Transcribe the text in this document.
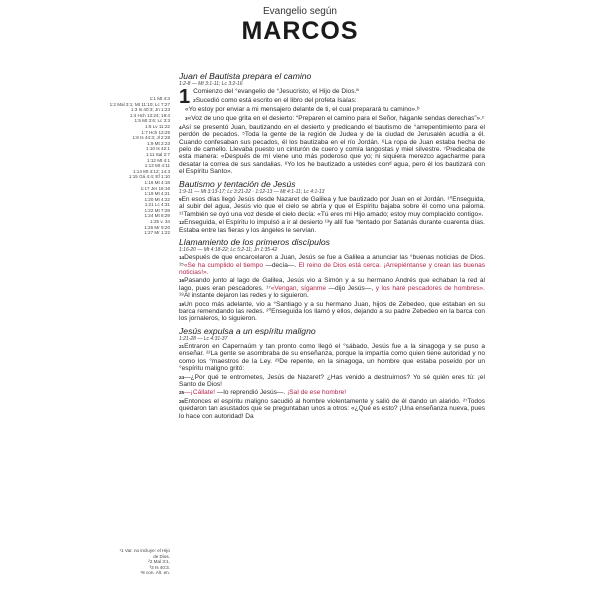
Evangelio según
MARCOS
1:1 Mt 4:3
1:2 Mal 3:1; Mt 11:10; Lc 7:27
1:3 Is 40:3; Jn 1:23
1:4 Hch 13:24; 19:4
1:5 Mt 3:6; Lc 3:3
1:6 Lv 11:22
1:7 Hch 13:25
1:8 Is 44:3; Jl 2:28
1:9 Mt 2:23
1:10 Is 42:1
1:11 Sal 2:7
1:12 Mt 4:1
1:13 Mt 4:11
1:14 Mt 4:12; 14:3
1:15 Gá 4:4; Ef 1:10
1:16 Mt 4:18
1:17 Jer 16:16
1:19 Mt 4:21
1:20 Mt 4:22
1:21 Lc 4:31
1:22 Mt 7:28
1:24 Mt 8:29
1:25 v. 34
1:26 Mr 9:20
1:27 Mr 1:22
Juan el Bautista prepara el camino
1:2-8 — Mt 3:1-11; Lc 3:2-16
1 Comienzo del °evangelio de °Jesucristo, el Hijo de Dios.ª
$^2$Sucedió como está escrito en el libro del profeta Isaías:
«Yo estoy por enviar a mi mensajero delante de ti, el cual preparará tu camino».ᵇ
$^3$«Voz de uno que grita en el desierto: “Preparen el camino para el Señor, háganle sendas derechas”».ᶜ
$^4$Así se presentó Juan, bautizando en el desierto y predicando el bautismo de °arrepentimiento para el perdón de pecados. ⁵Toda la gente de la región de Judea y de la ciudad de Jerusalén acudía a él. Cuando confesaban sus pecados, él los bautizaba en el río Jordán. ⁶La ropa de Juan estaba hecha de pelo de camello. Llevaba puesto un cinturón de cuero y comía langostas y miel silvestre. ⁷Predicaba de esta manera: «Después de mí viene uno más poderoso que yo; ni siquiera merezco agacharme para desatar la correa de sus sandalias. ⁸Yo los he bautizado a ustedes conᵈ agua, pero él los bautizará con el Espíritu Santo».
Bautismo y tentación de Jesús
1:9-11 — Mt 3:13-17; Lc 3:21-22 · 1:12-13 — Mt 4:1-11; Lc 4:1-13
$^9$En esos días llegó Jesús desde Nazaret de Galilea y fue bautizado por Juan en el Jordán. ¹⁰Enseguida, al subir del agua, Jesús vio que el cielo se abría y que el Espíritu bajaba sobre él como una paloma. ¹¹También se oyó una voz desde el cielo decía: «Tú eres mi Hijo amado; estoy muy complacido contigo».
$^{12}$Enseguida, el Espíritu lo impulsó a ir al desierto ¹³y allí fue °tentado por Satanás durante cuarenta días. Estaba entre las fieras y los ángeles le servían.
Llamamiento de los primeros discípulos
1:16-20 — Mt 4:18-22; Lc 5:2-11; Jn 1:35-42
$^{14}$Después de que encarcelaron a Juan, Jesús se fue a Galilea a anunciar las °buenas noticias de Dios. ¹⁵«Se ha cumplido el tiempo —decía—. El reino de Dios está cerca. ¡Arrepiéntanse y crean las buenas noticias!».
$^{16}$Pasando junto al lago de Galilea, Jesús vio a Simón y a su hermano Andrés que echaban la red al lago, pues eran pescadores. ¹⁷«Vengan, síganme —dijo Jesús—, y los haré pescadores de hombres». ¹⁸Al instante dejaron las redes y lo siguieron.
$^{19}$Un poco más adelante, vio a °Santiago y a su hermano Juan, hijos de Zebedeo, que estaban en su barca remendando las redes. ²⁰Enseguida los llamó y ellos, dejando a su padre Zebedeo en la barca con los jornaleros, lo siguieron.
Jesús expulsa a un espíritu maligno
1:21-28 — Lc 4:31-37
$^{21}$Entraron en Capernaúm y tan pronto como llegó el °sábado, Jesús fue a la sinagoga y se puso a enseñar. ²²La gente se asombraba de su enseñanza, porque la impartía como quien tiene autoridad y no como los °maestros de la Ley. ²³De repente, en la sinagoga, un hombre que estaba poseído por un °espíritu maligno gritó:
$^{24}$—¿Por qué te entrometes, Jesús de Nazaret? ¿Has venido a destruirnos? Yo sé quién eres tú: ¡el Santo de Dios!
$^{25}$—¡Cállate! —lo reprendió Jesús—. ¡Sal de ese hombre!
$^{26}$Entonces el espíritu maligno sacudió al hombre violentamente y salió de él dando un alarido. ²⁷Todos quedaron tan asustados que se preguntaban unos a otros: «¿Qué es esto? ¡Una enseñanza nueva, pues lo hace con autoridad! Da
¹1 Var. no incluye: el Hijo de Dios.
²2 Mal 3:1.
³3 Is 40:3.
⁴8 con. Alt. en.
